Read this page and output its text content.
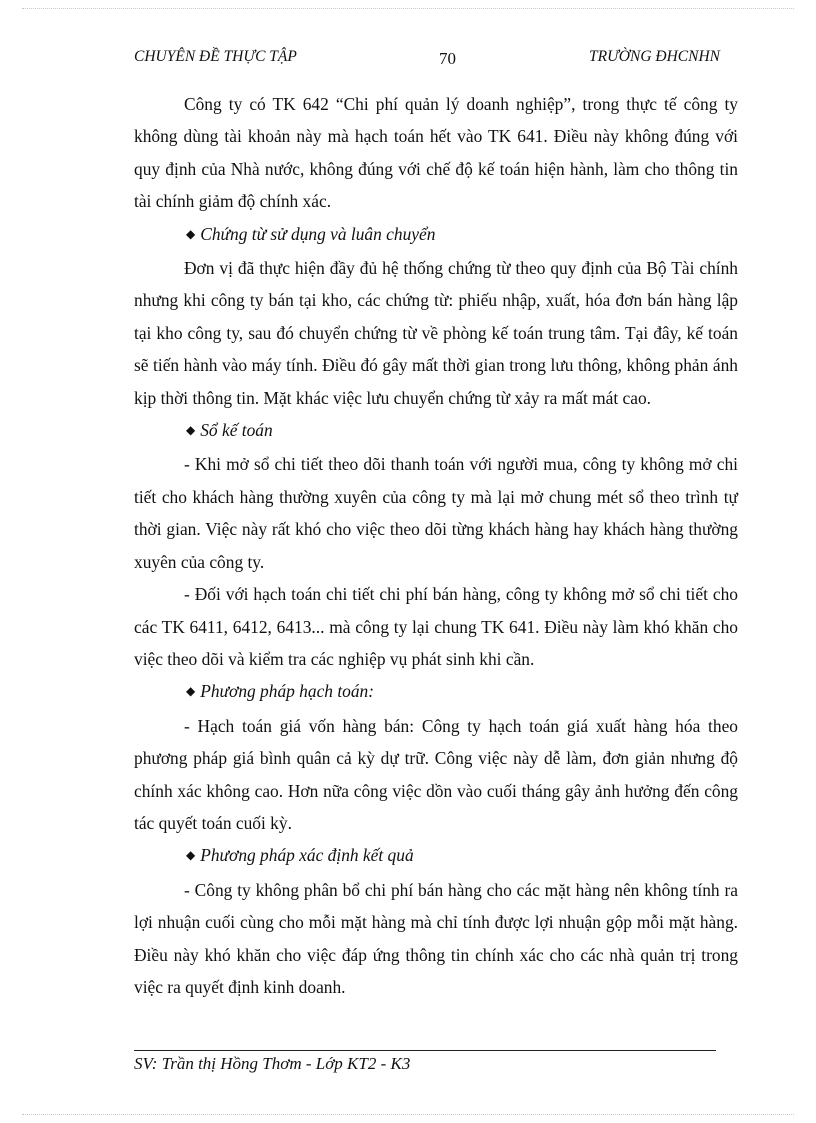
CHUYÊN ĐỀ THỰC TẬP	70	TRƯỜNG ĐHCNHN

Công ty có TK 642 “Chi phí quản lý doanh nghiệp”, trong thực tế công ty không dùng tài khoản này mà hạch toán hết vào TK 641. Điều này không đúng với quy định của Nhà nước, không đúng với chế độ kế toán hiện hành, làm cho thông tin tài chính giảm độ chính xác.

◆ Chứng từ sử dụng và luân chuyển

Đơn vị đã thực hiện đầy đủ hệ thống chứng từ theo quy định của Bộ Tài chính nhưng khi công ty bán tại kho, các chứng từ: phiếu nhập, xuất, hóa đơn bán hàng lập tại kho công ty, sau đó chuyển chứng từ về phòng kế toán trung tâm. Tại đây, kế toán sẽ tiến hành vào máy tính. Điều đó gây mất thời gian trong lưu thông, không phản ánh kịp thời thông tin. Mặt khác việc lưu chuyển chứng từ xảy ra mất mát cao.

◆ Sổ kế toán

- Khi mở sổ chi tiết theo dõi thanh toán với người mua, công ty không mở chi tiết cho khách hàng thường xuyên của công ty mà lại mở chung mét sổ theo trình tự thời gian. Việc này rất khó cho việc theo dõi từng khách hàng hay khách hàng thường xuyên của công ty.

- Đối với hạch toán chi tiết chi phí bán hàng, công ty không mở sổ chi tiết cho các TK 6411, 6412, 6413... mà công ty lại chung TK 641. Điều này làm khó khăn cho việc theo dõi và kiểm tra các nghiệp vụ phát sinh khi cần.

◆ Phương pháp hạch toán:

- Hạch toán giá vốn hàng bán: Công ty hạch toán giá xuất hàng hóa theo phương pháp giá bình quân cả kỳ dự trữ. Công việc này dễ làm, đơn giản nhưng độ chính xác không cao. Hơn nữa công việc dồn vào cuối tháng gây ảnh hưởng đến công tác quyết toán cuối kỳ.

◆ Phương pháp xác định kết quả

- Công ty không phân bổ chi phí bán hàng cho các mặt hàng nên không tính ra lợi nhuận cuối cùng cho mỗi mặt hàng mà chỉ tính được lợi nhuận gộp mỗi mặt hàng. Điều này khó khăn cho việc đáp ứng thông tin chính xác cho các nhà quản trị trong việc ra quyết định kinh doanh.

SV: Trần thị Hồng Thơm - Lớp KT2 - K3
